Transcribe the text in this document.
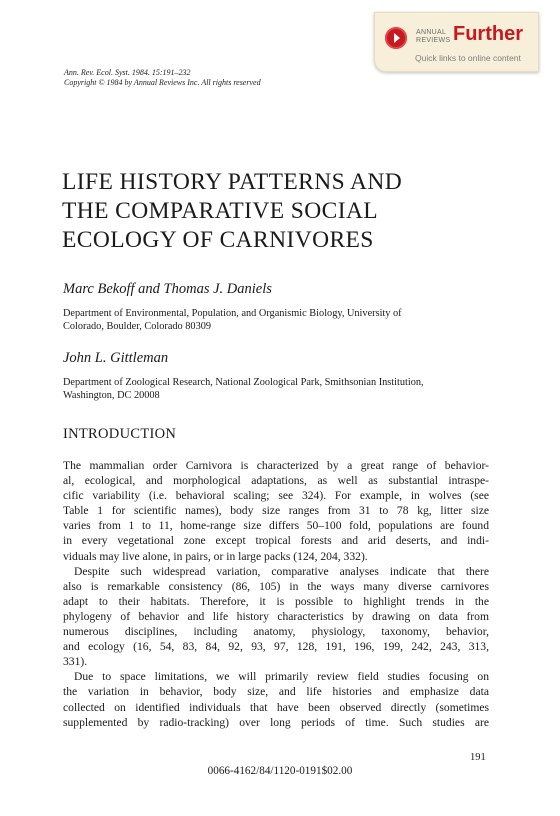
ANNUAL
REVIEWS Further
Quick links to online content
Ann. Rev. Ecol. Syst. 1984. 15:191–232
Copyright © 1984 by Annual Reviews Inc. All rights reserved
LIFE HISTORY PATTERNS AND
THE COMPARATIVE SOCIAL
ECOLOGY OF CARNIVORES
Marc Bekoff and Thomas J. Daniels
Department of Environmental, Population, and Organismic Biology, University of
Colorado, Boulder, Colorado 80309
John L. Gittleman
Department of Zoological Research, National Zoological Park, Smithsonian Institution,
Washington, DC 20008
INTRODUCTION
The mammalian order Carnivora is characterized by a great range of behavior-
al, ecological, and morphological adaptations, as well as substantial intraspe-
cific variability (i.e. behavioral scaling; see 324). For example, in wolves (see
Table 1 for scientific names), body size ranges from 31 to 78 kg, litter size
varies from 1 to 11, home-range size differs 50–100 fold, populations are found
in every vegetational zone except tropical forests and arid deserts, and indi-
viduals may live alone, in pairs, or in large packs (124, 204, 332).
Despite such widespread variation, comparative analyses indicate that there
also is remarkable consistency (86, 105) in the ways many diverse carnivores
adapt to their habitats. Therefore, it is possible to highlight trends in the
phylogeny of behavior and life history characteristics by drawing on data from
numerous disciplines, including anatomy, physiology, taxonomy, behavior,
and ecology (16, 54, 83, 84, 92, 93, 97, 128, 191, 196, 199, 242, 243, 313,
331).
Due to space limitations, we will primarily review field studies focusing on
the variation in behavior, body size, and life histories and emphasize data
collected on identified individuals that have been observed directly (sometimes
supplemented by radio-tracking) over long periods of time. Such studies are
191
0066-4162/84/1120-0191$02.00
